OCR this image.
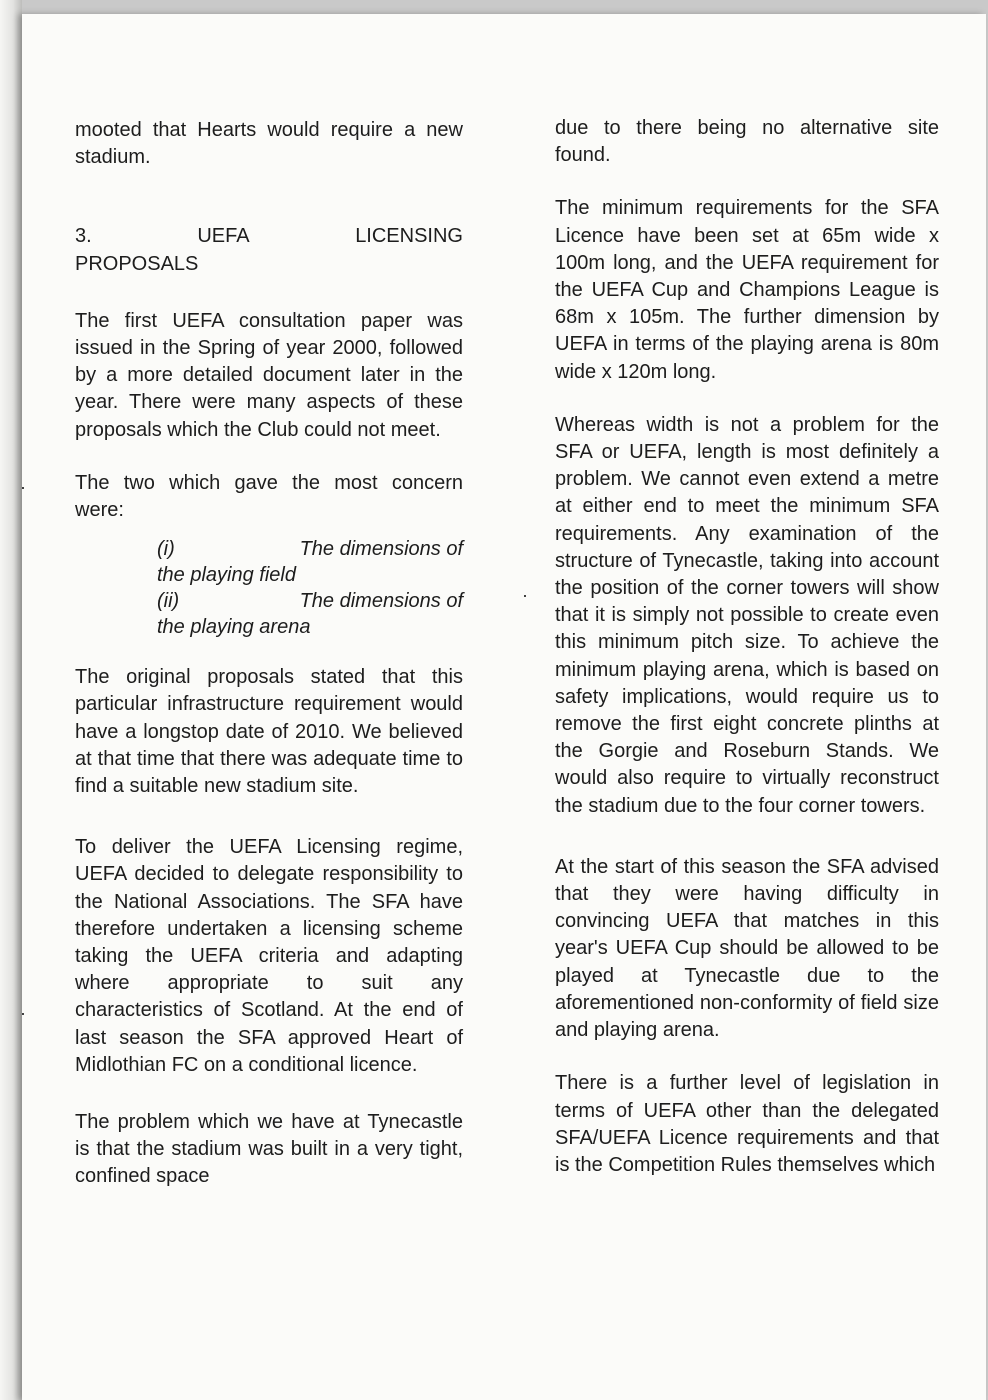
mooted that Hearts would require a new stadium.

3.	UEFA	LICENSING
PROPOSALS

The first UEFA consultation paper was issued in the Spring of year 2000, followed by a more detailed document later in the year. There were many aspects of these proposals which the Club could not meet.

The two which gave the most concern were:

(i)	The dimensions of
the playing field
(ii)	The dimensions of
the playing arena

The original proposals stated that this particular infrastructure requirement would have a longstop date of 2010. We believed at that time that there was adequate time to find a suitable new stadium site.

To deliver the UEFA Licensing regime, UEFA decided to delegate responsibility to the National Associations. The SFA have therefore undertaken a licensing scheme taking the UEFA criteria and adapting where appropriate to suit any characteristics of Scotland. At the end of last season the SFA approved Heart of Midlothian FC on a conditional licence.

The problem which we have at Tynecastle is that the stadium was built in a very tight, confined space

due to there being no alternative site found.

The minimum requirements for the SFA Licence have been set at 65m wide x 100m long, and the UEFA requirement for the UEFA Cup and Champions League is 68m x 105m. The further dimension by UEFA in terms of the playing arena is 80m wide x 120m long.

Whereas width is not a problem for the SFA or UEFA, length is most definitely a problem. We cannot even extend a metre at either end to meet the minimum SFA requirements. Any examination of the structure of Tynecastle, taking into account the position of the corner towers will show that it is simply not possible to create even this minimum pitch size. To achieve the minimum playing arena, which is based on safety implications, would require us to remove the first eight concrete plinths at the Gorgie and Roseburn Stands. We would also require to virtually reconstruct the stadium due to the four corner towers.

At the start of this season the SFA advised that they were having difficulty in convincing UEFA that matches in this year's UEFA Cup should be allowed to be played at Tynecastle due to the aforementioned non-conformity of field size and playing arena.

There is a further level of legislation in terms of UEFA other than the delegated SFA/UEFA Licence requirements and that is the Competition Rules themselves which

·
·
·
